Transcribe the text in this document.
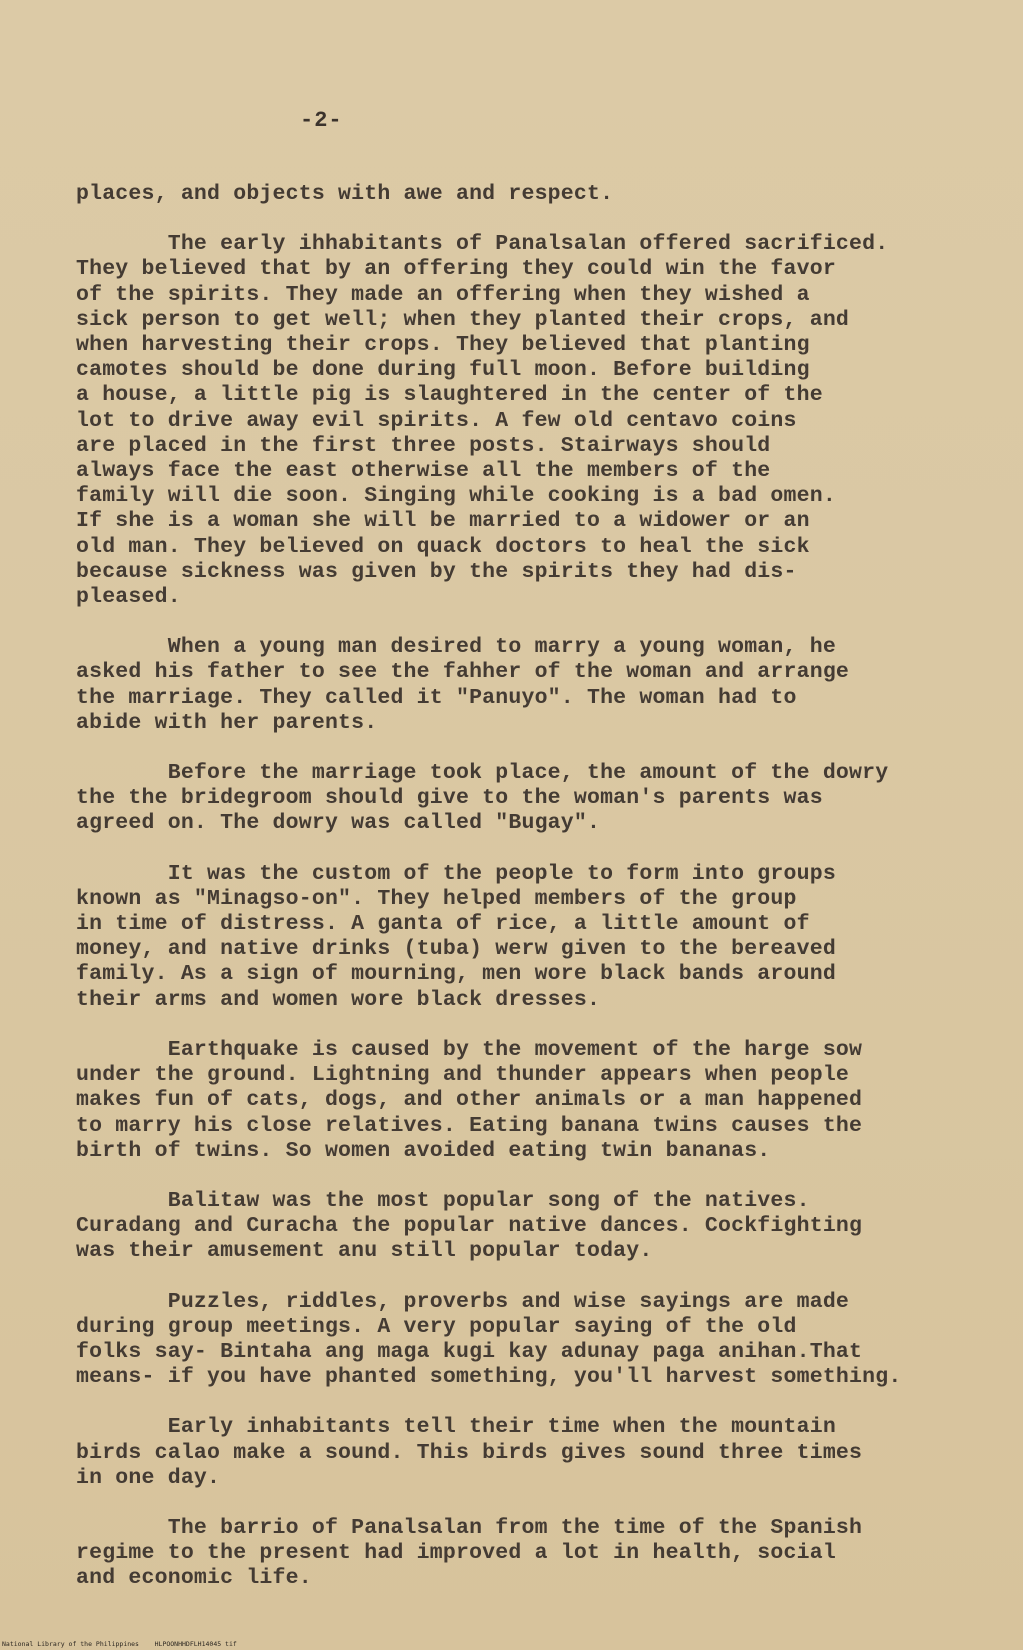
-2-

places, and objects with awe and respect.

The early ihhabitants of Panalsalan offered sacrificed.
They believed that by an offering they could win the favor
of the spirits. They made an offering when they wished a
sick person to get well; when they planted their crops, and
when harvesting their crops. They believed that planting
camotes should be done during full moon. Before building
a house, a little pig is slaughtered in the center of the
lot to drive away evil spirits. A few old centavo coins
are placed in the first three posts. Stairways should
always face the east otherwise all the members of the
family will die soon. Singing while cooking is a bad omen.
If she is a woman she will be married to a widower or an
old man. They believed on quack doctors to heal the sick
because sickness was given by the spirits they had dis-
pleased.

When a young man desired to marry a young woman, he
asked his father to see the fahher of the woman and arrange
the marriage. They called it "Panuyo". The woman had to
abide with her parents.

Before the marriage took place, the amount of the dowry
the the bridegroom should give to the woman's parents was
agreed on. The dowry was called "Bugay".

It was the custom of the people to form into groups
known as "Minagso-on". They helped members of the group
in time of distress. A ganta of rice, a little amount of
money, and native drinks (tuba) werw given to the bereaved
family. As a sign of mourning, men wore black bands around
their arms and women wore black dresses.

Earthquake is caused by the movement of the harge sow
under the ground. Lightning and thunder appears when people
makes fun of cats, dogs, and other animals or a man happened
to marry his close relatives. Eating banana twins causes the
birth of twins. So women avoided eating twin bananas.

Balitaw was the most popular song of the natives.
Curadang and Curacha the popular native dances. Cockfighting
was their amusement anu still popular today.

Puzzles, riddles, proverbs and wise sayings are made
during group meetings. A very popular saying of the old
folks say- Bintaha ang maga kugi kay adunay paga anihan.That
means- if you have phanted something, you'll harvest something.

Early inhabitants tell their time when the mountain
birds calao make a sound. This birds gives sound three times
in one day.

The barrio of Panalsalan from the time of the Spanish
regime to the present had improved a lot in health, social
and economic life.

National Library of the Philippines    HLPOONHHDFLH14045 tif
